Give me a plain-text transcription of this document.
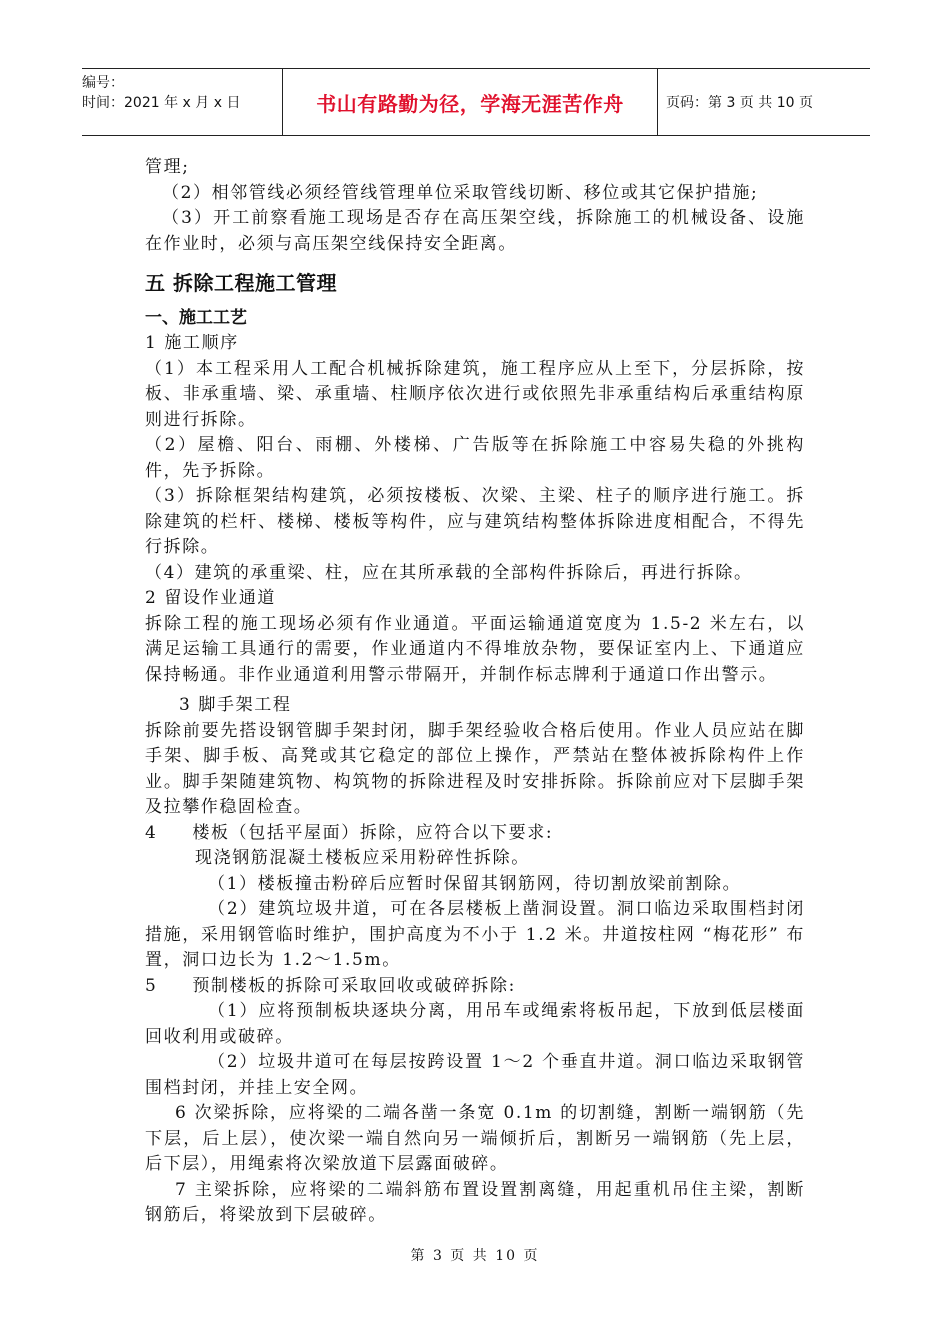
编号：
时间：2021 年 x 月 x 日	书山有路勤为径，学海无涯苦作舟	页码：第 3 页 共 10 页

管理;

（2）相邻管线必须经管线管理单位采取管线切断、移位或其它保护措施;

（3）开工前察看施工现场是否存在高压架空线，拆除施工的机械设备、设施在作业时，必须与高压架空线保持安全距离。

五 拆除工程施工管理
一、施工工艺

1 施工顺序

（1）本工程采用人工配合机械拆除建筑，施工程序应从上至下，分层拆除，按板、非承重墙、梁、承重墙、柱顺序依次进行或依照先非承重结构后承重结构原则进行拆除。

（2）屋檐、阳台、雨棚、外楼梯、广告版等在拆除施工中容易失稳的外挑构件，先予拆除。

（3）拆除框架结构建筑，必须按楼板、次梁、主梁、柱子的顺序进行施工。拆除建筑的栏杆、楼梯、楼板等构件，应与建筑结构整体拆除进度相配合，不得先行拆除。

（4）建筑的承重梁、柱，应在其所承载的全部构件拆除后，再进行拆除。

2 留设作业通道

拆除工程的施工现场必须有作业通道。平面运输通道宽度为 1.5-2 米左右，以满足运输工具通行的需要，作业通道内不得堆放杂物，要保证室内上、下通道应保持畅通。非作业通道利用警示带隔开，并制作标志牌利于通道口作出警示。

3 脚手架工程

拆除前要先搭设钢管脚手架封闭，脚手架经验收合格后使用。作业人员应站在脚手架、脚手板、高凳或其它稳定的部位上操作，严禁站在整体被拆除构件上作业。脚手架随建筑物、构筑物的拆除进程及时安排拆除。拆除前应对下层脚手架及拉攀作稳固检查。

4     楼板（包括平屋面）拆除，应符合以下要求:

现浇钢筋混凝土楼板应采用粉碎性拆除。

（1）楼板撞击粉碎后应暂时保留其钢筋网，待切割放梁前割除。

（2）建筑垃圾井道，可在各层楼板上凿洞设置。洞口临边采取围档封闭措施，采用钢管临时维护，围护高度为不小于 1.2 米。井道按柱网 “梅花形” 布置，洞口边长为 1.2～1.5m。

5     预制楼板的拆除可采取回收或破碎拆除:

（1）应将预制板块逐块分离，用吊车或绳索将板吊起，下放到低层楼面回收利用或破碎。

（2）垃圾井道可在每层按跨设置 1～2 个垂直井道。洞口临边采取钢管围档封闭，并挂上安全网。

6 次梁拆除，应将梁的二端各凿一条宽 0.1m 的切割缝，割断一端钢筋（先下层，后上层），使次梁一端自然向另一端倾折后，割断另一端钢筋（先上层，后下层），用绳索将次梁放道下层露面破碎。

7 主梁拆除，应将梁的二端斜筋布置设置割离缝，用起重机吊住主梁，割断钢筋后，将梁放到下层破碎。

第 3 页 共 10 页
